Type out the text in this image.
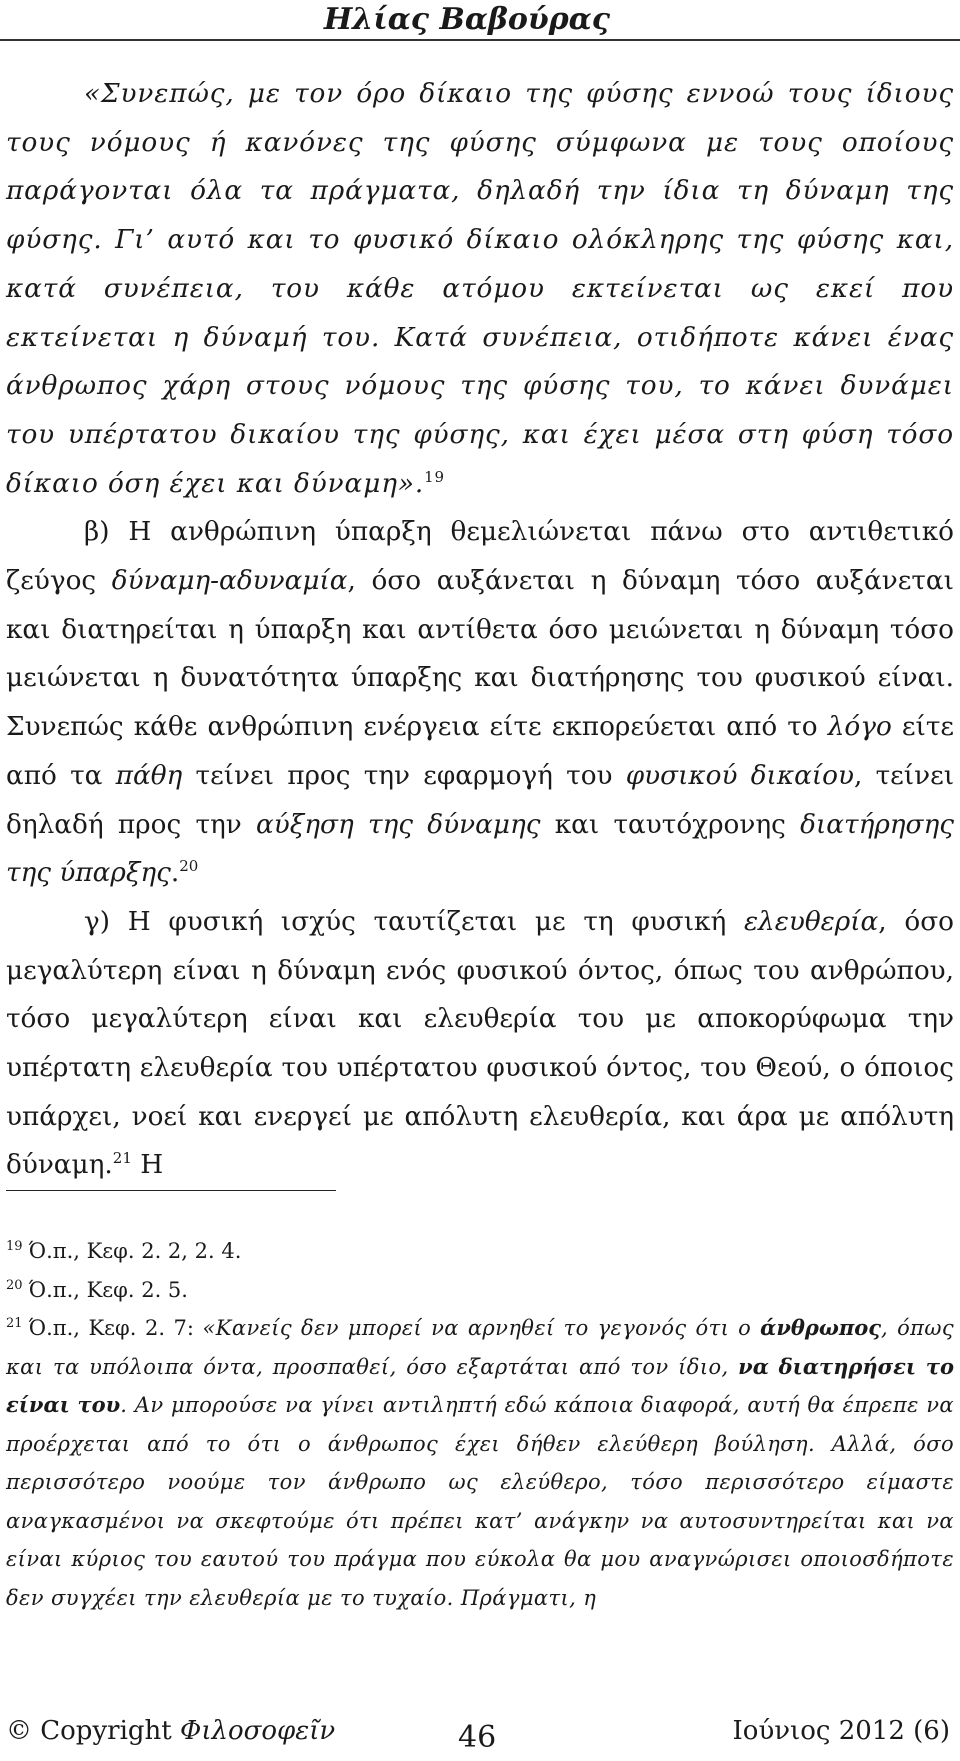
Ηλίας Βαβούρας

«Συνεπώς, με τον όρο δίκαιο της φύσης εννοώ τους ίδιους τους νόμους ή κανόνες της φύσης σύμφωνα με τους οποίους παράγονται όλα τα πράγματα, δηλαδή την ίδια τη δύναμη της φύσης. Γι’ αυτό και το φυσικό δίκαιο ολόκληρης της φύσης και, κατά συνέπεια, του κάθε ατόμου εκτείνεται ως εκεί που εκτείνεται η δύναμή του. Κατά συνέπεια, οτιδήποτε κάνει ένας άνθρωπος χάρη στους νόμους της φύσης του, το κάνει δυνάμει του υπέρτατου δικαίου της φύσης, και έχει μέσα στη φύση τόσο δίκαιο όση έχει και δύναμη».$^{19}$

β) Η ανθρώπινη ύπαρξη θεμελιώνεται πάνω στο αντιθετικό ζεύγος δύναμη-αδυναμία, όσο αυξάνεται η δύναμη τόσο αυξάνεται και διατηρείται η ύπαρξη και αντίθετα όσο μειώνεται η δύναμη τόσο μειώνεται η δυνατότητα ύπαρξης και διατήρησης του φυσικού είναι. Συνεπώς κάθε ανθρώπινη ενέργεια είτε εκπορεύεται από το λόγο είτε από τα πάθη τείνει προς την εφαρμογή του φυσικού δικαίου, τείνει δηλαδή προς την αύξηση της δύναμης και ταυτόχρονης διατήρησης της ύπαρξης.$^{20}$

γ) Η φυσική ισχύς ταυτίζεται με τη φυσική ελευθερία, όσο μεγαλύτερη είναι η δύναμη ενός φυσικού όντος, όπως του ανθρώπου, τόσο μεγαλύτερη είναι και ελευθερία του με αποκορύφωμα την υπέρτατη ελευθερία του υπέρτατου φυσικού όντος, του Θεού, ο όποιος υπάρχει, νοεί και ενεργεί με απόλυτη ελευθερία, και άρα με απόλυτη δύναμη.$^{21}$ Η

$^{19}$ Ό.π., Κεφ. 2. 2, 2. 4.

$^{20}$ Ό.π., Κεφ. 2. 5.

$^{21}$ Ό.π., Κεφ. 2. 7: «Κανείς δεν μπορεί να αρνηθεί το γεγονός ότι ο άνθρωπος, όπως και τα υπόλοιπα όντα, προσπαθεί, όσο εξαρτάται από τον ίδιο, να διατηρήσει το είναι του. Αν μπορούσε να γίνει αντιληπτή εδώ κάποια διαφορά, αυτή θα έπρεπε να προέρχεται από το ότι ο άνθρωπος έχει δήθεν ελεύθερη βούληση. Αλλά, όσο περισσότερο νοούμε τον άνθρωπο ως ελεύθερο, τόσο περισσότερο είμαστε αναγκασμένοι να σκεφτούμε ότι πρέπει κατ’ ανάγκην να αυτοσυντηρείται και να είναι κύριος του εαυτού του πράγμα που εύκολα θα μου αναγνώρισει οποιοσδήποτε δεν συγχέει την ελευθερία με το τυχαίο. Πράγματι, η

© Copyright Φιλοσοφεῖν	46	Ιούνιος 2012 (6)
